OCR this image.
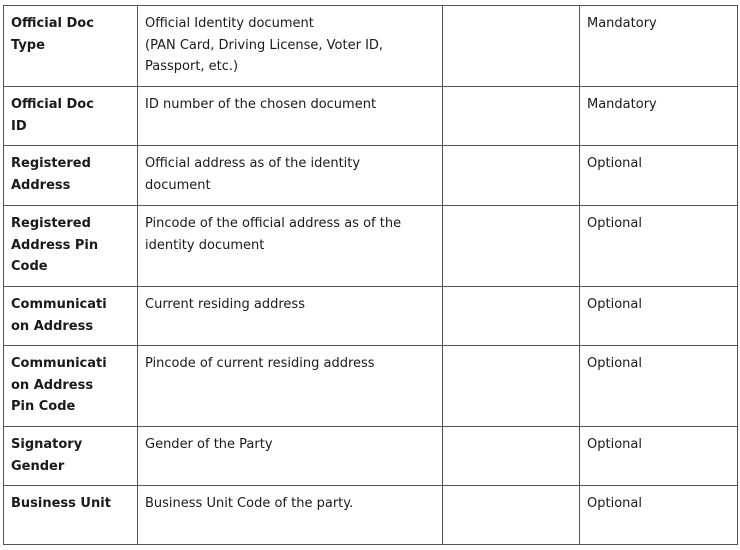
Official Doc
Type	Official Identity document
(PAN Card, Driving License, Voter ID,
Passport, etc.)		Mandatory

Official Doc
ID	ID number of the chosen document		Mandatory

Registered
Address	Official address as of the identity
document		Optional

Registered
Address Pin
Code	Pincode of the official address as of the
identity document		Optional

Communicati
on Address	Current residing address		Optional

Communicati
on Address
Pin Code	Pincode of current residing address		Optional

Signatory
Gender	Gender of the Party		Optional

Business Unit	Business Unit Code of the party.		Optional
